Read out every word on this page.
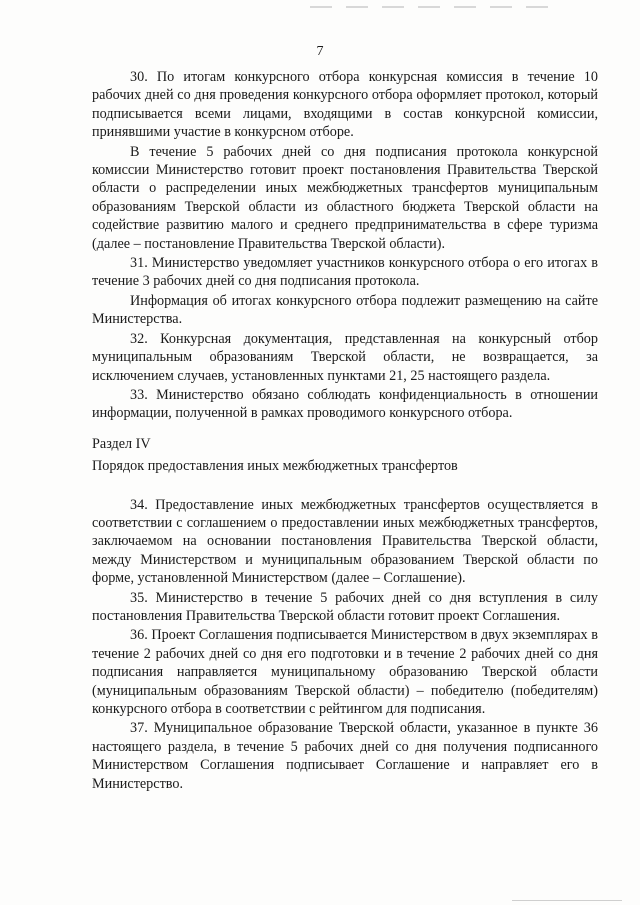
7

30. По итогам конкурсного отбора конкурсная комиссия в течение 10 рабочих дней со дня проведения конкурсного отбора оформляет протокол, который подписывается всеми лицами, входящими в состав конкурсной комиссии, принявшими участие в конкурсном отборе.

В течение 5 рабочих дней со дня подписания протокола конкурсной комиссии Министерство готовит проект постановления Правительства Тверской области о распределении иных межбюджетных трансфертов муниципальным образованиям Тверской области из областного бюджета Тверской области на содействие развитию малого и среднего предпринимательства в сфере туризма (далее – постановление Правительства Тверской области).

31. Министерство уведомляет участников конкурсного отбора о его итогах в течение 3 рабочих дней со дня подписания протокола.

Информация об итогах конкурсного отбора подлежит размещению на сайте Министерства.

32. Конкурсная документация, представленная на конкурсный отбор муниципальным образованиям Тверской области, не возвращается, за исключением случаев, установленных пунктами 21, 25 настоящего раздела.

33. Министерство обязано соблюдать конфиденциальность в отношении информации, полученной в рамках проводимого конкурсного отбора.

Раздел IV

Порядок предоставления иных межбюджетных трансфертов

34. Предоставление иных межбюджетных трансфертов осуществляется в соответствии с соглашением о предоставлении иных межбюджетных трансфертов, заключаемом на основании постановления Правительства Тверской области, между Министерством и муниципальным образованием Тверской области по форме, установленной Министерством (далее – Соглашение).

35. Министерство в течение 5 рабочих дней со дня вступления в силу постановления Правительства Тверской области готовит проект Соглашения.

36. Проект Соглашения подписывается Министерством в двух экземплярах в течение 2 рабочих дней со дня его подготовки и в течение 2 рабочих дней со дня подписания направляется муниципальному образованию Тверской области (муниципальным образованиям Тверской области) – победителю (победителям) конкурсного отбора в соответствии с рейтингом для подписания.

37. Муниципальное образование Тверской области, указанное в пункте 36 настоящего раздела, в течение 5 рабочих дней со дня получения подписанного Министерством Соглашения подписывает Соглашение и направляет его в Министерство.
